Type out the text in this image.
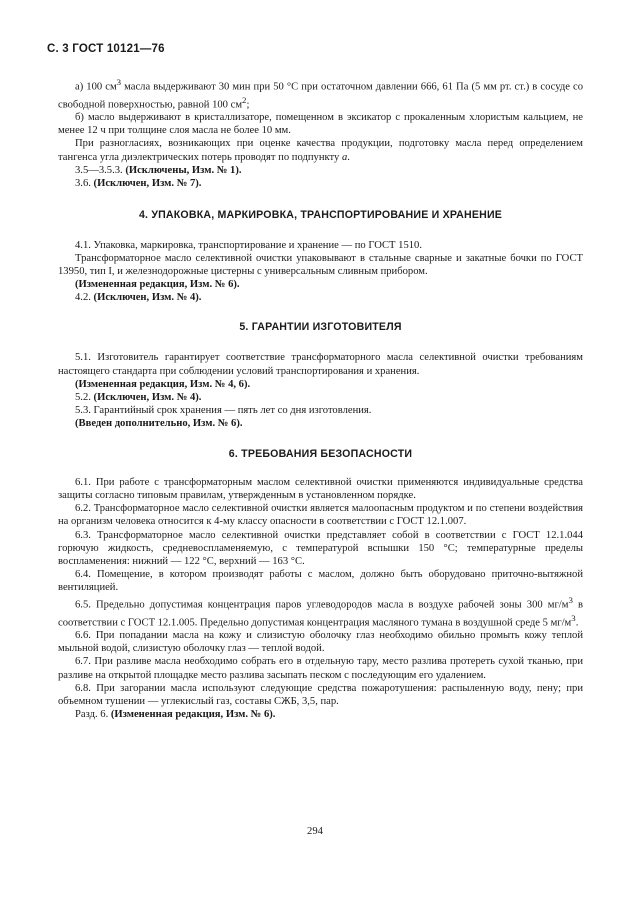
С. 3 ГОСТ 10121—76

а) 100 $см^3$ масла выдерживают 30 мин при 50 °С при остаточном давлении 666, 61 Па (5 мм рт. ст.) в сосуде со свободной поверхностью, равной 100 $см^2$;

б) масло выдерживают в кристаллизаторе, помещенном в эксикатор с прокаленным хлористым кальцием, не менее 12 ч при толщине слоя масла не более 10 мм.

При разногласиях, возникающих при оценке качества продукции, подготовку масла перед определением тангенса угла диэлектрических потерь проводят по подпункту а.

3.5—3.5.3. (Исключены, Изм. № 1).

3.6. (Исключен, Изм. № 7).

4. УПАКОВКА, МАРКИРОВКА, ТРАНСПОРТИРОВАНИЕ И ХРАНЕНИЕ

4.1. Упаковка, маркировка, транспортирование и хранение — по ГОСТ 1510.

Трансформаторное масло селективной очистки упаковывают в стальные сварные и закатные бочки по ГОСТ 13950, тип I, и железнодорожные цистерны с универсальным сливным прибором.

(Измененная редакция, Изм. № 6).

4.2. (Исключен, Изм. № 4).

5. ГАРАНТИИ ИЗГОТОВИТЕЛЯ

5.1. Изготовитель гарантирует соответствие трансформаторного масла селективной очистки требованиям настоящего стандарта при соблюдении условий транспортирования и хранения.

(Измененная редакция, Изм. № 4, 6).

5.2. (Исключен, Изм. № 4).

5.3. Гарантийный срок хранения — пять лет со дня изготовления.

(Введен дополнительно, Изм. № 6).

6. ТРЕБОВАНИЯ БЕЗОПАСНОСТИ

6.1. При работе с трансформаторным маслом селективной очистки применяются индивидуальные средства защиты согласно типовым правилам, утвержденным в установленном порядке.

6.2. Трансформаторное масло селективной очистки является малоопасным продуктом и по степени воздействия на организм человека относится к 4-му классу опасности в соответствии с ГОСТ 12.1.007.

6.3. Трансформаторное масло селективной очистки представляет собой в соответствии с ГОСТ 12.1.044 горючую жидкость, средневоспламеняемую, с температурой вспышки 150 °С; температурные пределы воспламенения: нижний — 122 °С, верхний — 163 °С.

6.4. Помещение, в котором производят работы с маслом, должно быть оборудовано приточно-вытяжной вентиляцией.

6.5. Предельно допустимая концентрация паров углеводородов масла в воздухе рабочей зоны 300 $мг/м^3$ в соответствии с ГОСТ 12.1.005. Предельно допустимая концентрация масляного тумана в воздушной среде 5 $мг/м^3$.

6.6. При попадании масла на кожу и слизистую оболочку глаз необходимо обильно промыть кожу теплой мыльной водой, слизистую оболочку глаз — теплой водой.

6.7. При разливе масла необходимо собрать его в отдельную тару, место разлива протереть сухой тканью, при разливе на открытой площадке место разлива засыпать песком с последующим его удалением.

6.8. При загорании масла используют следующие средства пожаротушения: распыленную воду, пену; при объемном тушении — углекислый газ, составы СЖБ, 3,5, пар.

Разд. 6. (Измененная редакция, Изм. № 6).

294
